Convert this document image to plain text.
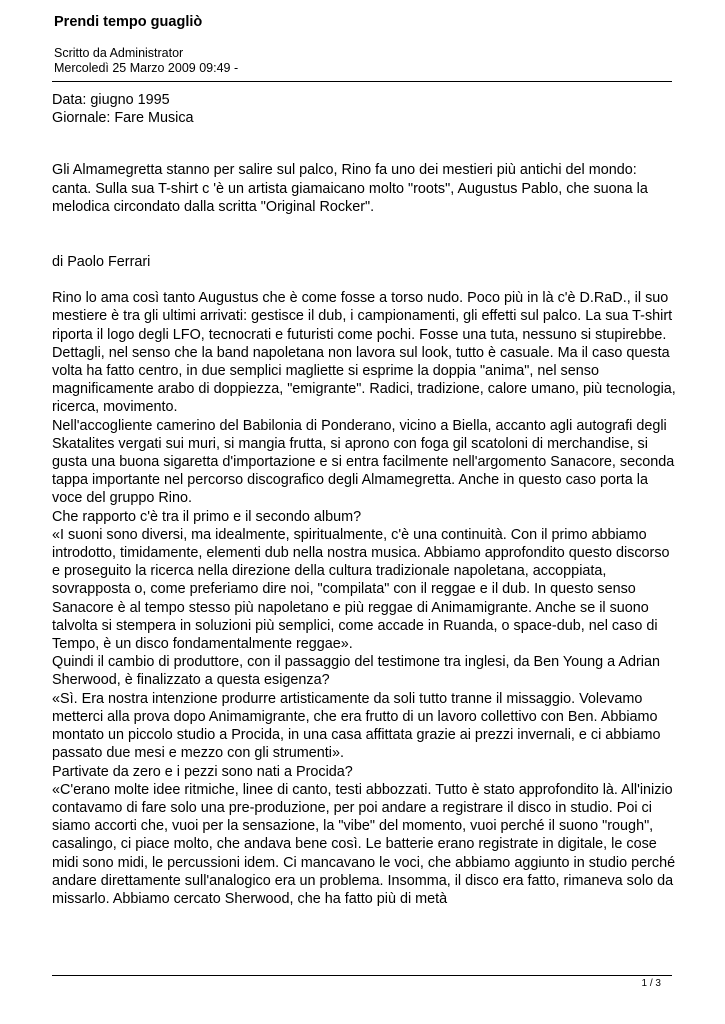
Prendi tempo guagliò
Scritto da Administrator
Mercoledì 25 Marzo 2009 09:49 -

Data: giugno 1995

Giornale: Fare Musica

Gli Almamegretta stanno per salire sul palco, Rino fa uno dei mestieri più antichi del mondo: canta. Sulla sua T-shirt c 'è un artista giamaicano molto "roots", Augustus Pablo, che suona la melodica circondato dalla scritta "Original Rocker".

di Paolo Ferrari

Rino lo ama così tanto Augustus che è come fosse a torso nudo. Poco più in là c'è D.RaD., il suo mestiere è tra gli ultimi arrivati: gestisce il dub, i campionamenti, gli effetti sul palco. La sua T-shirt riporta il logo degli LFO, tecnocrati e futuristi come pochi. Fosse una tuta, nessuno si stupirebbe.

Dettagli, nel senso che la band napoletana non lavora sul look, tutto è casuale. Ma il caso questa volta ha fatto centro, in due semplici magliette si esprime la doppia "anima", nel senso magnificamente arabo di doppiezza, "emigrante". Radici, tradizione, calore umano, più tecnologia, ricerca, movimento.

Nell'accogliente camerino del Babilonia di Ponderano, vicino a Biella, accanto agli autografi degli Skatalites vergati sui muri, si mangia frutta, si aprono con foga gil scatoloni di merchandise, si gusta una buona sigaretta d'importazione e si entra facilmente nell'argomento Sanacore, seconda tappa importante nel percorso discografico degli Almamegretta. Anche in questo caso porta la voce del gruppo Rino.

Che rapporto c'è tra il primo e il secondo album?

«I suoni sono diversi, ma idealmente, spiritualmente, c'è una continuità. Con il primo abbiamo introdotto, timidamente, elementi dub nella nostra musica. Abbiamo approfondito questo discorso e proseguito la ricerca nella direzione della cultura tradizionale napoletana, accoppiata, sovrapposta o, come preferiamo dire noi, "compilata" con il reggae e il dub. In questo senso Sanacore è al tempo stesso più napoletano e più reggae di Animamigrante. Anche se il suono talvolta si stempera in soluzioni più semplici, come accade in Ruanda, o space-dub, nel caso di Tempo, è un disco fondamentalmente reggae».

Quindi il cambio di produttore, con il passaggio del testimone tra inglesi, da Ben Young a Adrian Sherwood, è finalizzato a questa esigenza?

«Sì. Era nostra intenzione produrre artisticamente da soli tutto tranne il missaggio. Volevamo metterci alla prova dopo Animamigrante, che era frutto di un lavoro collettivo con Ben. Abbiamo montato un piccolo studio a Procida, in una casa affittata grazie ai prezzi invernali, e ci abbiamo passato due mesi e mezzo con gli strumenti».

Partivate da zero e i pezzi sono nati a Procida?

«C'erano molte idee ritmiche, linee di canto, testi abbozzati. Tutto è stato approfondito là. All'inizio contavamo di fare solo una pre-produzione, per poi andare a registrare il disco in studio. Poi ci siamo accorti che, vuoi per la sensazione, la "vibe" del momento, vuoi perché il suono "rough", casalingo, ci piace molto, che andava bene così. Le batterie erano registrate in digitale, le cose midi sono midi, le percussioni idem. Ci mancavano le voci, che abbiamo aggiunto in studio perché andare direttamente sull'analogico era un problema. Insomma, il disco era fatto, rimaneva solo da missarlo. Abbiamo cercato Sherwood, che ha fatto più di metà

1 / 3
